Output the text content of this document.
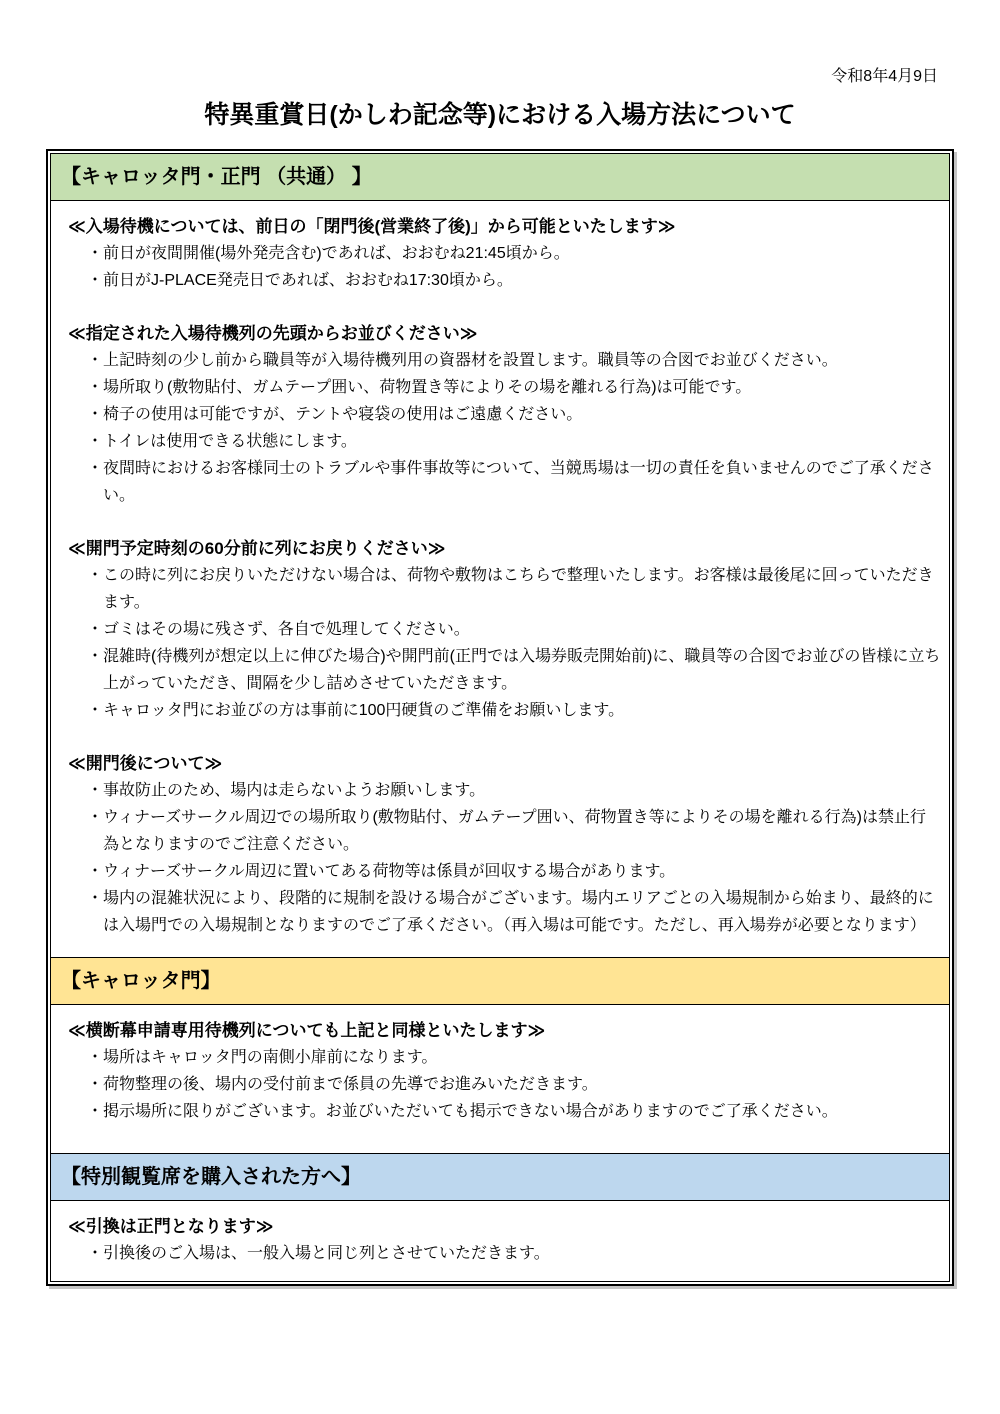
令和8年4月9日
特異重賞日(かしわ記念等)における入場方法について
【キャロッタ門・正門 （共通） 】
≪入場待機については、前日の「閉門後(営業終了後)」から可能といたします≫
・ 前日が夜間開催(場外発売含む)であれば、おおむね21:45頃から。
・ 前日がJ-PLACE発売日であれば、おおむね17:30頃から。
≪指定された入場待機列の先頭からお並びください≫
・ 上記時刻の少し前から職員等が入場待機列用の資器材を設置します。職員等の合図でお並びください。
・ 場所取り(敷物貼付、ガムテープ囲い、荷物置き等によりその場を離れる行為)は可能です。
・ 椅子の使用は可能ですが、テントや寝袋の使用はご遠慮ください。
・ トイレは使用できる状態にします。
・ 夜間時におけるお客様同士のトラブルや事件事故等について、当競馬場は一切の責任を負いませんのでご了承ください。
≪開門予定時刻の60分前に列にお戻りください≫
・ この時に列にお戻りいただけない場合は、荷物や敷物はこちらで整理いたします。お客様は最後尾に回っていただきます。
・ ゴミはその場に残さず、各自で処理してください。
・ 混雑時(待機列が想定以上に伸びた場合)や開門前(正門では入場券販売開始前)に、職員等の合図でお並びの皆様に立ち上がっていただき、間隔を少し詰めさせていただきます。
・ キャロッタ門にお並びの方は事前に100円硬貨のご準備をお願いします。
≪開門後について≫
・ 事故防止のため、場内は走らないようお願いします。
・ ウィナーズサークル周辺での場所取り(敷物貼付、ガムテープ囲い、荷物置き等によりその場を離れる行為)は禁止行為となりますのでご注意ください。
・ ウィナーズサークル周辺に置いてある荷物等は係員が回収する場合があります。
・ 場内の混雑状況により、段階的に規制を設ける場合がございます。場内エリアごとの入場規制から始まり、最終的には入場門での入場規制となりますのでご了承ください。（再入場は可能です。ただし、再入場券が必要となります）
【キャロッタ門】
≪横断幕申請専用待機列についても上記と同様といたします≫
・ 場所はキャロッタ門の南側小扉前になります。
・ 荷物整理の後、場内の受付前まで係員の先導でお進みいただきます。
・ 掲示場所に限りがございます。お並びいただいても掲示できない場合がありますのでご了承ください。
【特別観覧席を購入された方へ】
≪引換は正門となります≫
・ 引換後のご入場は、一般入場と同じ列とさせていただきます。
